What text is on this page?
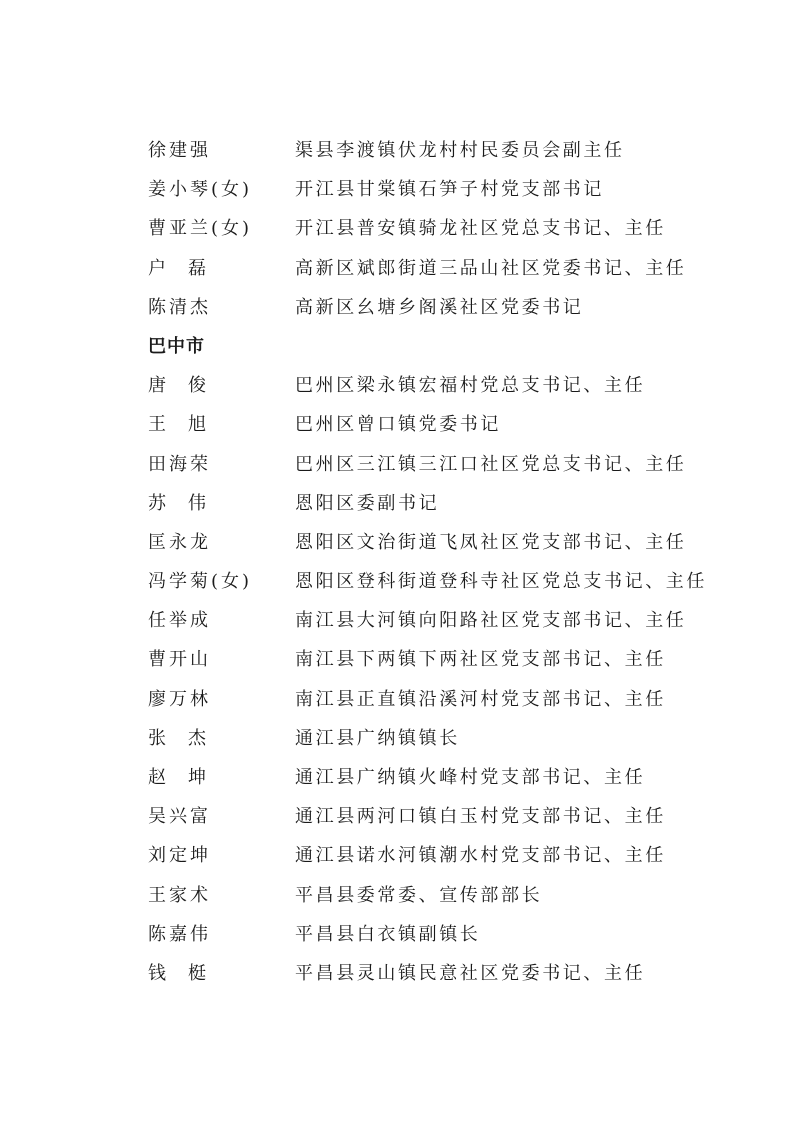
徐建强	渠县李渡镇伏龙村村民委员会副主任
姜小琴(女)	开江县甘棠镇石笋子村党支部书记
曹亚兰(女)	开江县普安镇骑龙社区党总支书记、主任
户磊	高新区斌郎街道三品山社区党委书记、主任
陈清杰	高新区幺塘乡阁溪社区党委书记
巴中市
唐俊	巴州区梁永镇宏福村党总支书记、主任
王旭	巴州区曾口镇党委书记
田海荣	巴州区三江镇三江口社区党总支书记、主任
苏伟	恩阳区委副书记
匡永龙	恩阳区文治街道飞凤社区党支部书记、主任
冯学菊(女)	恩阳区登科街道登科寺社区党总支书记、主任
任举成	南江县大河镇向阳路社区党支部书记、主任
曹开山	南江县下两镇下两社区党支部书记、主任
廖万林	南江县正直镇沿溪河村党支部书记、主任
张杰	通江县广纳镇镇长
赵坤	通江县广纳镇火峰村党支部书记、主任
吴兴富	通江县两河口镇白玉村党支部书记、主任
刘定坤	通江县诺水河镇潮水村党支部书记、主任
王家术	平昌县委常委、宣传部部长
陈嘉伟	平昌县白衣镇副镇长
钱梃	平昌县灵山镇民意社区党委书记、主任
